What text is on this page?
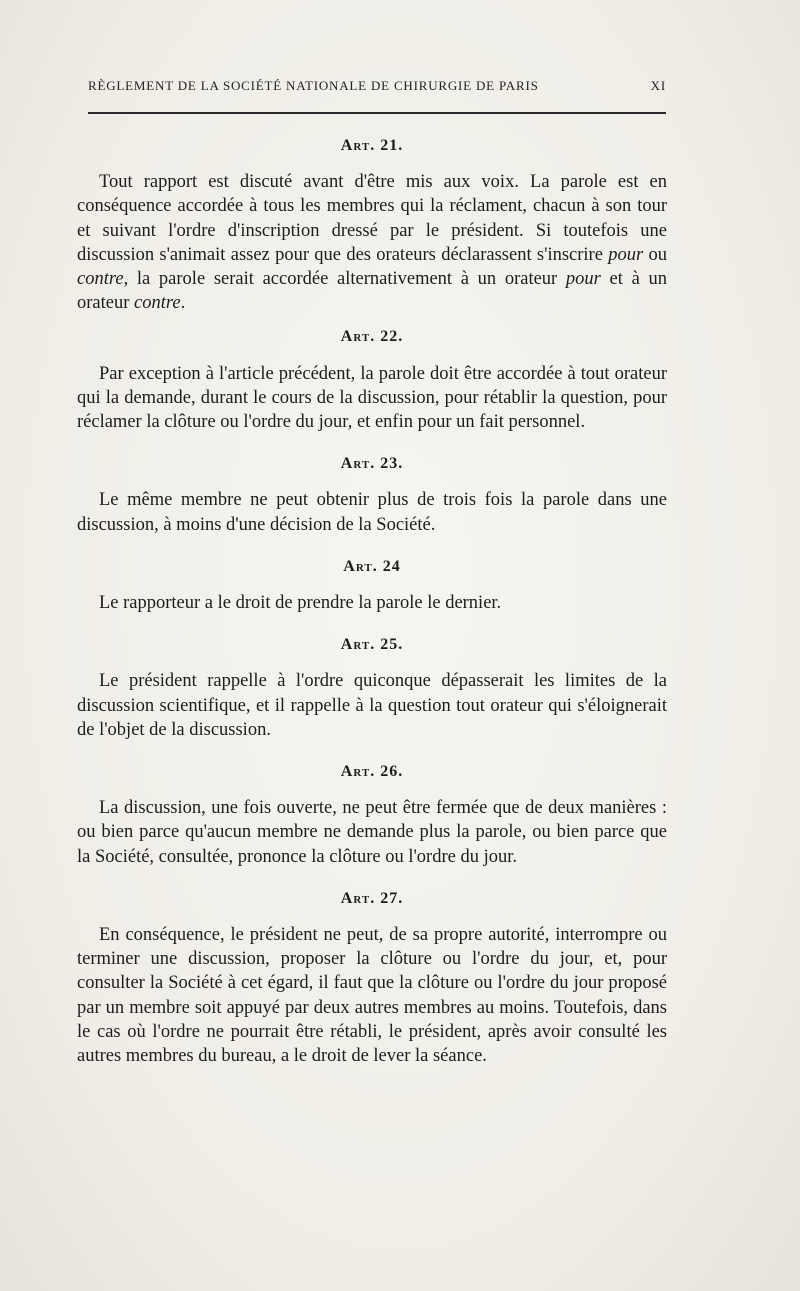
RÈGLEMENT DE LA SOCIÉTÉ NATIONALE DE CHIRURGIE DE PARIS	XI
Art. 21.

Tout rapport est discuté avant d'être mis aux voix. La parole est en conséquence accordée à tous les membres qui la réclament, chacun à son tour et suivant l'ordre d'inscription dressé par le président. Si toutefois une discussion s'animait assez pour que des orateurs déclarassent s'inscrire pour ou contre, la parole serait accordée alternativement à un orateur pour et à un orateur contre.

Art. 22.

Par exception à l'article précédent, la parole doit être accordée à tout orateur qui la demande, durant le cours de la discussion, pour rétablir la question, pour réclamer la clôture ou l'ordre du jour, et enfin pour un fait personnel.

Art. 23.

Le même membre ne peut obtenir plus de trois fois la parole dans une discussion, à moins d'une décision de la Société.

Art. 24

Le rapporteur a le droit de prendre la parole le dernier.

Art. 25.

Le président rappelle à l'ordre quiconque dépasserait les limites de la discussion scientifique, et il rappelle à la question tout orateur qui s'éloignerait de l'objet de la discussion.

Art. 26.

La discussion, une fois ouverte, ne peut être fermée que de deux manières : ou bien parce qu'aucun membre ne demande plus la parole, ou bien parce que la Société, consultée, prononce la clôture ou l'ordre du jour.

Art. 27.

En conséquence, le président ne peut, de sa propre autorité, interrompre ou terminer une discussion, proposer la clôture ou l'ordre du jour, et, pour consulter la Société à cet égard, il faut que la clôture ou l'ordre du jour proposé par un membre soit appuyé par deux autres membres au moins. Toutefois, dans le cas où l'ordre ne pourrait être rétabli, le président, après avoir consulté les autres membres du bureau, a le droit de lever la séance.
